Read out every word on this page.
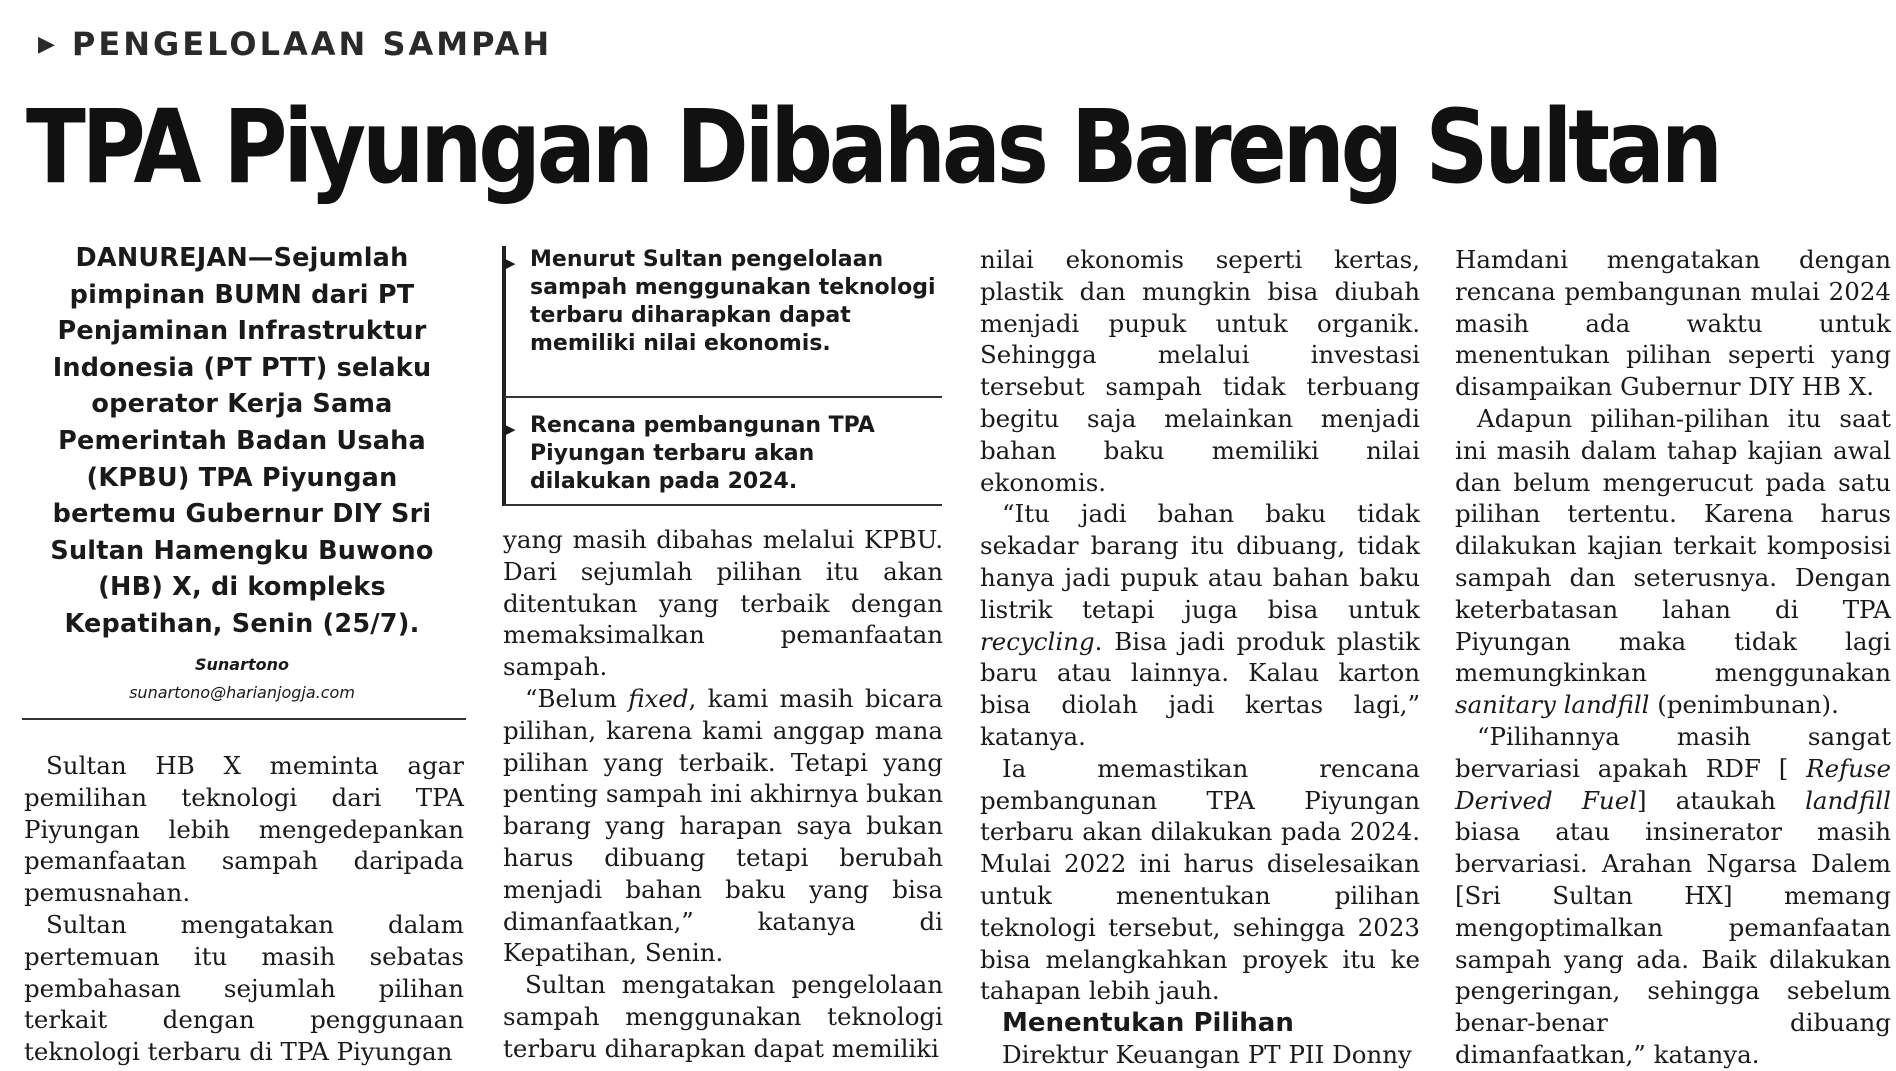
▶ PENGELOLAAN SAMPAH
TPA Piyungan Dibahas Bareng Sultan
DANUREJAN—Sejumlah pimpinan BUMN dari PT Penjaminan Infrastruktur Indonesia (PT PTT) selaku operator Kerja Sama Pemerintah Badan Usaha (KPBU) TPA Piyungan bertemu Gubernur DIY Sri Sultan Hamengku Buwono (HB) X, di kompleks Kepatihan, Senin (25/7).
Sunartono
sunartono@harianjogja.com
▶ Menurut Sultan pengelolaan sampah menggunakan teknologi terbaru diharapkan dapat memiliki nilai ekonomis.
▶ Rencana pembangunan TPA Piyungan terbaru akan dilakukan pada 2024.

Sultan HB X meminta agar pemilihan teknologi dari TPA Piyungan lebih mengedepankan pemanfaatan sampah daripada pemusnahan.

Sultan mengatakan dalam pertemuan itu masih sebatas pembahasan sejumlah pilihan terkait dengan penggunaan teknologi terbaru di TPA Piyungan

yang masih dibahas melalui KPBU. Dari sejumlah pilihan itu akan ditentukan yang terbaik dengan memaksimalkan pemanfaatan sampah.

“Belum fixed, kami masih bicara pilihan, karena kami anggap mana pilihan yang terbaik. Tetapi yang penting sampah ini akhirnya bukan barang yang harapan saya bukan harus dibuang tetapi berubah menjadi bahan baku yang bisa dimanfaatkan,” katanya di Kepatihan, Senin.

Sultan mengatakan pengelolaan sampah menggunakan teknologi terbaru diharapkan dapat memiliki

nilai ekonomis seperti kertas, plastik dan mungkin bisa diubah menjadi pupuk untuk organik. Sehingga melalui investasi tersebut sampah tidak terbuang begitu saja melainkan menjadi bahan baku memiliki nilai ekonomis.

“Itu jadi bahan baku tidak sekadar barang itu dibuang, tidak hanya jadi pupuk atau bahan baku listrik tetapi juga bisa untuk recycling. Bisa jadi produk plastik baru atau lainnya. Kalau karton bisa diolah jadi kertas lagi,” katanya.

Ia memastikan rencana pembangunan TPA Piyungan terbaru akan dilakukan pada 2024. Mulai 2022 ini harus diselesaikan untuk menentukan pilihan teknologi tersebut, sehingga 2023 bisa melangkahkan proyek itu ke tahapan lebih jauh.

Menentukan Pilihan

Direktur Keuangan PT PII Donny

Hamdani mengatakan dengan rencana pembangunan mulai 2024 masih ada waktu untuk menentukan pilihan seperti yang disampaikan Gubernur DIY HB X.

Adapun pilihan-pilihan itu saat ini masih dalam tahap kajian awal dan belum mengerucut pada satu pilihan tertentu. Karena harus dilakukan kajian terkait komposisi sampah dan seterusnya. Dengan keterbatasan lahan di TPA Piyungan maka tidak lagi memungkinkan menggunakan sanitary landfill (penimbunan).

“Pilihannya masih sangat bervariasi apakah RDF [ Refuse Derived Fuel] ataukah landfill biasa atau insinerator masih bervariasi. Arahan Ngarsa Dalem [Sri Sultan HX] memang mengoptimalkan pemanfaatan sampah yang ada. Baik dilakukan pengeringan, sehingga sebelum benar-benar dibuang dimanfaatkan,” katanya.
